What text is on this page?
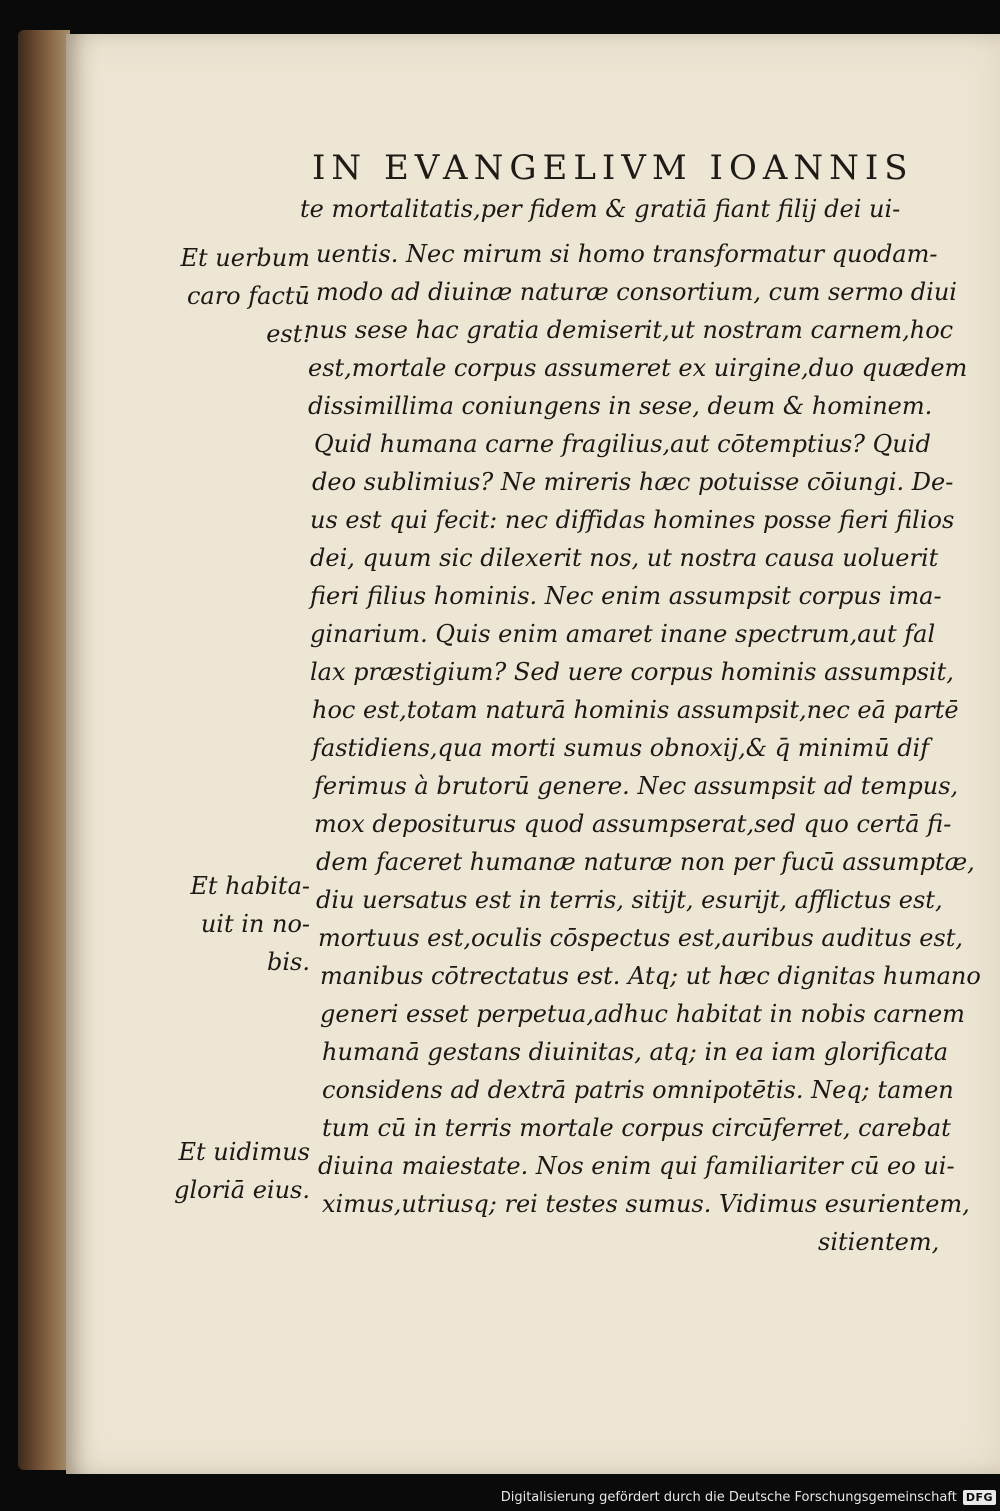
IN EVANGELIVM IOANNIS

te mortalitatis,per fidem & gratiā fiant filij dei ui-

uentis. Nec mirum si homo transformatur quodam-

modo ad diuinæ naturæ consortium, cum sermo diui

nus sese hac gratia demiserit,ut nostram carnem,hoc

est,mortale corpus assumeret ex uirgine,duo quædem

dissimillima coniungens in sese, deum & hominem.

Quid humana carne fragilius,aut cōtemptius? Quid

deo sublimius? Ne mireris hæc potuisse cōiungi. De-

us est qui fecit: nec diffidas homines posse fieri filios

dei, quum sic dilexerit nos, ut nostra causa uoluerit

fieri filius hominis. Nec enim assumpsit corpus ima-

ginarium. Quis enim amaret inane spectrum,aut fal

lax præstigium? Sed uere corpus hominis assumpsit,

hoc est,totam naturā hominis assumpsit,nec eā partē

fastidiens,qua morti sumus obnoxij,& q̄ minimū dif

ferimus à brutorū genere. Nec assumpsit ad tempus,

mox depositurus quod assumpserat,sed quo certā fi-

dem faceret humanæ naturæ non per fucū assumptæ,

diu uersatus est in terris, sitijt, esurijt, afflictus est,

mortuus est,oculis cōspectus est,auribus auditus est,

manibus cōtrectatus est. Atq; ut hæc dignitas humano

generi esset perpetua,adhuc habitat in nobis carnem

humanā gestans diuinitas, atq; in ea iam glorificata

considens ad dextrā patris omnipotētis. Neq; tamen

tum cū in terris mortale corpus circūferret, carebat

diuina maiestate. Nos enim qui familiariter cū eo ui-

ximus,utriusq; rei testes sumus. Vidimus esurientem,

sitientem,

Et uerbum

caro factū

est.

Et habita-

uit in no-

bis.

Et uidimus

gloriā eius.

Digitalisierung gefördert durch die Deutsche Forschungsgemeinschaft DFG
